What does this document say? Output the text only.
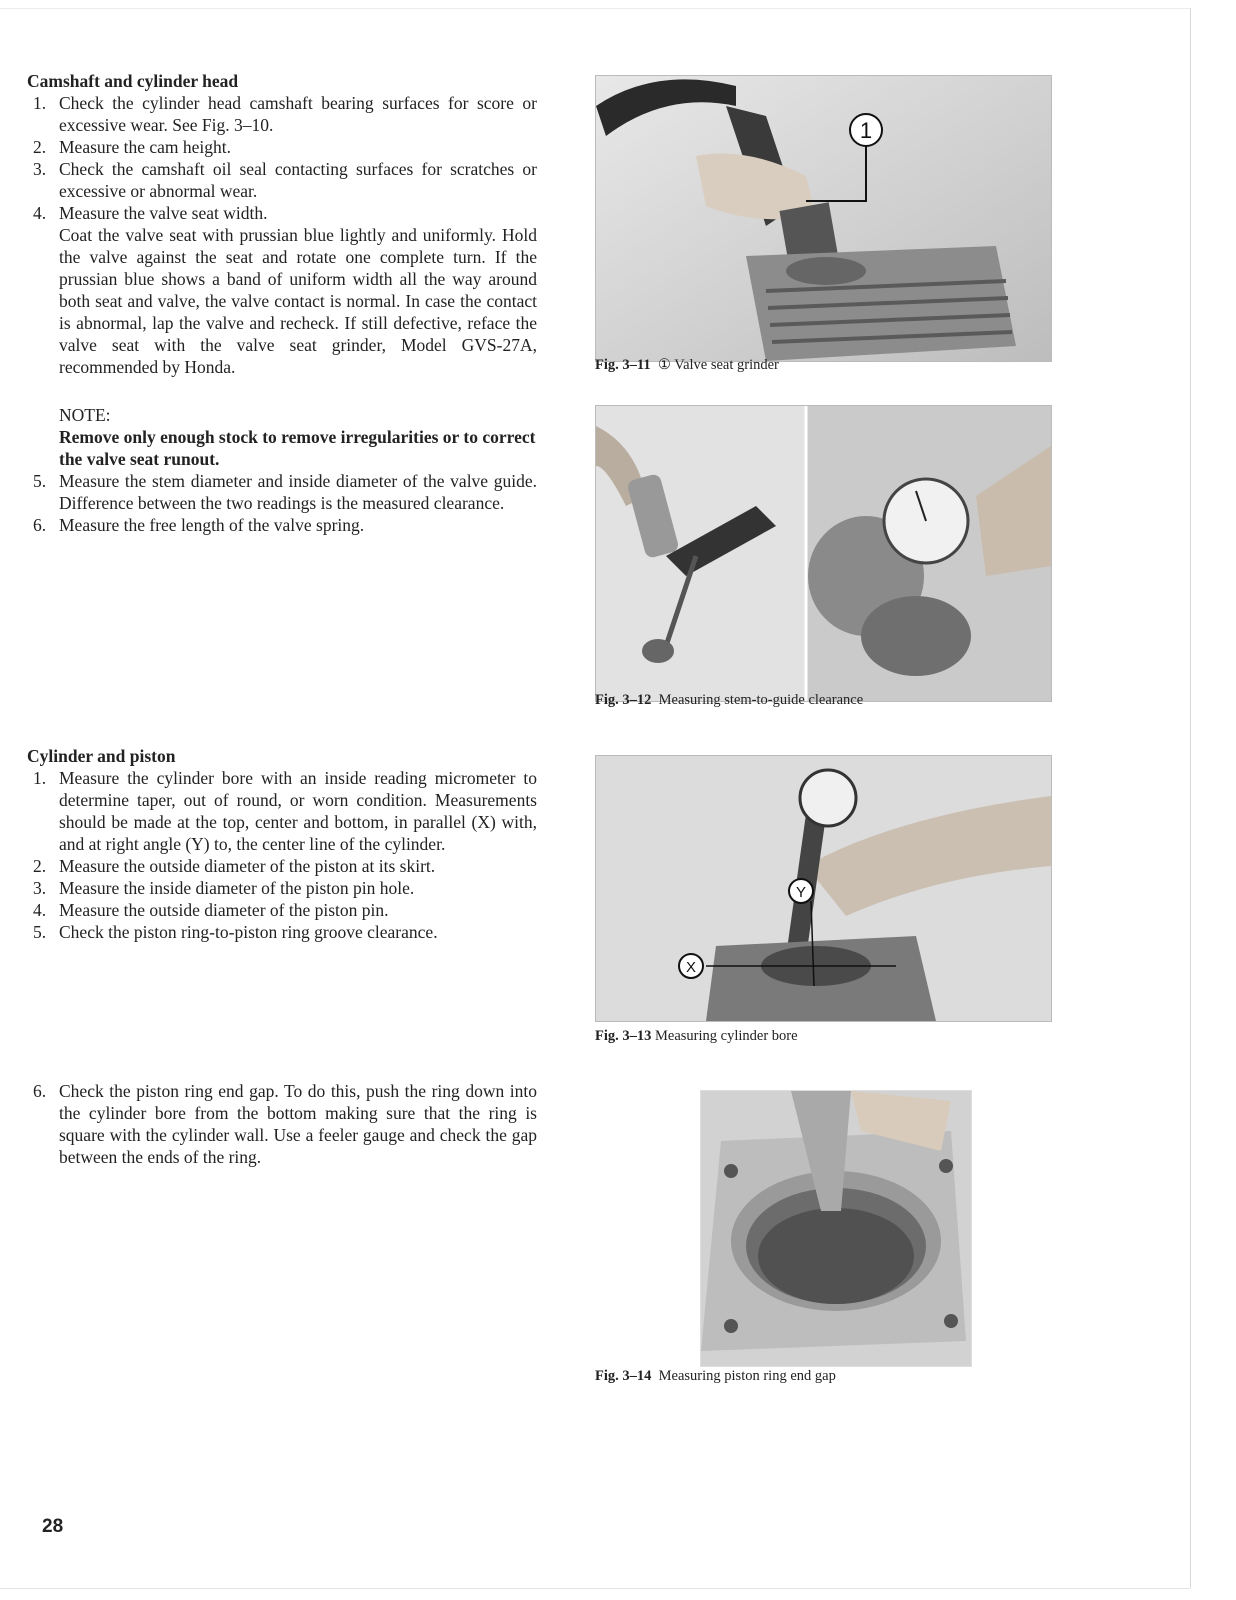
Camshaft and cylinder head
1. Check the cylinder head camshaft bearing surfaces for score or excessive wear. See Fig. 3–10.
2. Measure the cam height.
3. Check the camshaft oil seal contacting surfaces for scratches or excessive or abnormal wear.
4. Measure the valve seat width.

Coat the valve seat with prussian blue lightly and uniformly. Hold the valve against the seat and rotate one complete turn. If the prussian blue shows a band of uniform width all the way around both seat and valve, the valve contact is normal. In case the contact is abnormal, lap the valve and recheck. If still defective, reface the valve seat with the valve seat grinder, Model GVS-27A, recommended by Honda.

NOTE:

Remove only enough stock to remove irregularities or to correct the valve seat runout.

5. Measure the stem diameter and inside diameter of the valve guide. Difference between the two readings is the measured clearance.
6. Measure the free length of the valve spring.
Cylinder and piston
1. Measure the cylinder bore with an inside reading micrometer to determine taper, out of round, or worn condition. Measurements should be made at the top, center and bottom, in parallel (X) with, and at right angle (Y) to, the center line of the cylinder.
2. Measure the outside diameter of the piston at its skirt.
3. Measure the inside diameter of the piston pin hole.
4. Measure the outside diameter of the piston pin.
5. Check the piston ring-to-piston ring groove clearance.
6. Check the piston ring end gap. To do this, push the ring down into the cylinder bore from the bottom making sure that the ring is square with the cylinder wall. Use a feeler gauge and check the gap between the ends of the ring.
1
Fig. 3–11 ① Valve seat grinder
Fig. 3–12 Measuring stem-to-guide clearance
X
Y
Fig. 3–13 Measuring cylinder bore
Fig. 3–14 Measuring piston ring end gap
28
